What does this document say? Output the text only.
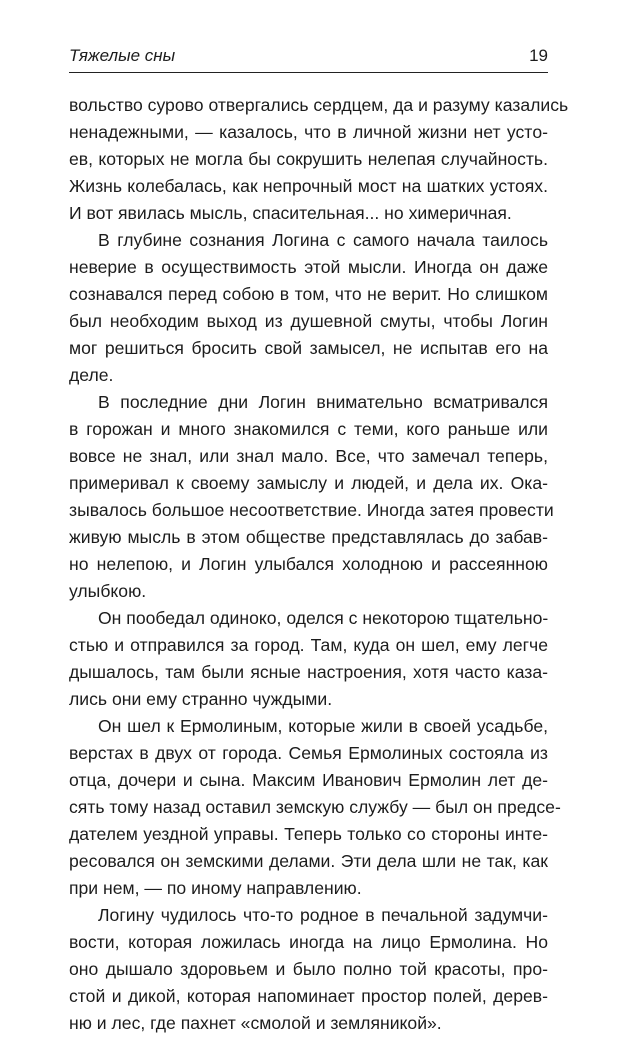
Тяжелые сны	19

вольство сурово отвергались сердцем, да и разуму казались
ненадежными, — казалось, что в личной жизни нет устo-
ев, которых не могла бы сокрушить нелепая случайность.
Жизнь колебалась, как непрочный мост на шатких устоях.
И вот явилась мысль, спасительная... но химеричная.

В глубине сознания Логина с самого начала таилось
неверие в осуществимость этой мысли. Иногда он даже
сознавался перед собою в том, что не верит. Но слишком
был необходим выход из душевной смуты, чтобы Логин
мог решиться бросить свой замысел, не испытав его на
деле.

В последние дни Логин внимательно всматривался
в горожан и много знакомился с теми, кого раньше или
вовсе не знал, или знал мало. Все, что замечал теперь,
примеривал к своему замыслу и людей, и дела их. Ока-
зывалось большое несоответствие. Иногда затея провести
живую мысль в этом обществе представлялась до забав-
но нелепою, и Логин улыбался холодною и рассеянною
улыбкою.

Он пообедал одиноко, оделся с некоторою тщательно-
стью и отправился за город. Там, куда он шел, ему легче
дышалось, там были ясные настроения, хотя часто каза-
лись они ему странно чуждыми.

Он шел к Ермолиным, которые жили в своей усадьбе,
верстах в двух от города. Семья Ермолиных состояла из
отца, дочери и сына. Максим Иванович Ермолин лет де-
сять тому назад оставил земскую службу — был он предсе-
дателем уездной управы. Теперь только со стороны инте-
ресовался он земскими делами. Эти дела шли не так, как
при нем, — по иному направлению.

Логину чудилось что-то родное в печальной задумчи-
вости, которая ложилась иногда на лицо Ермолина. Но
оно дышало здоровьем и было полно той красоты, про-
стой и дикой, которая напоминает простор полей, дерев-
ню и лес, где пахнет «смолой и земляникой».
